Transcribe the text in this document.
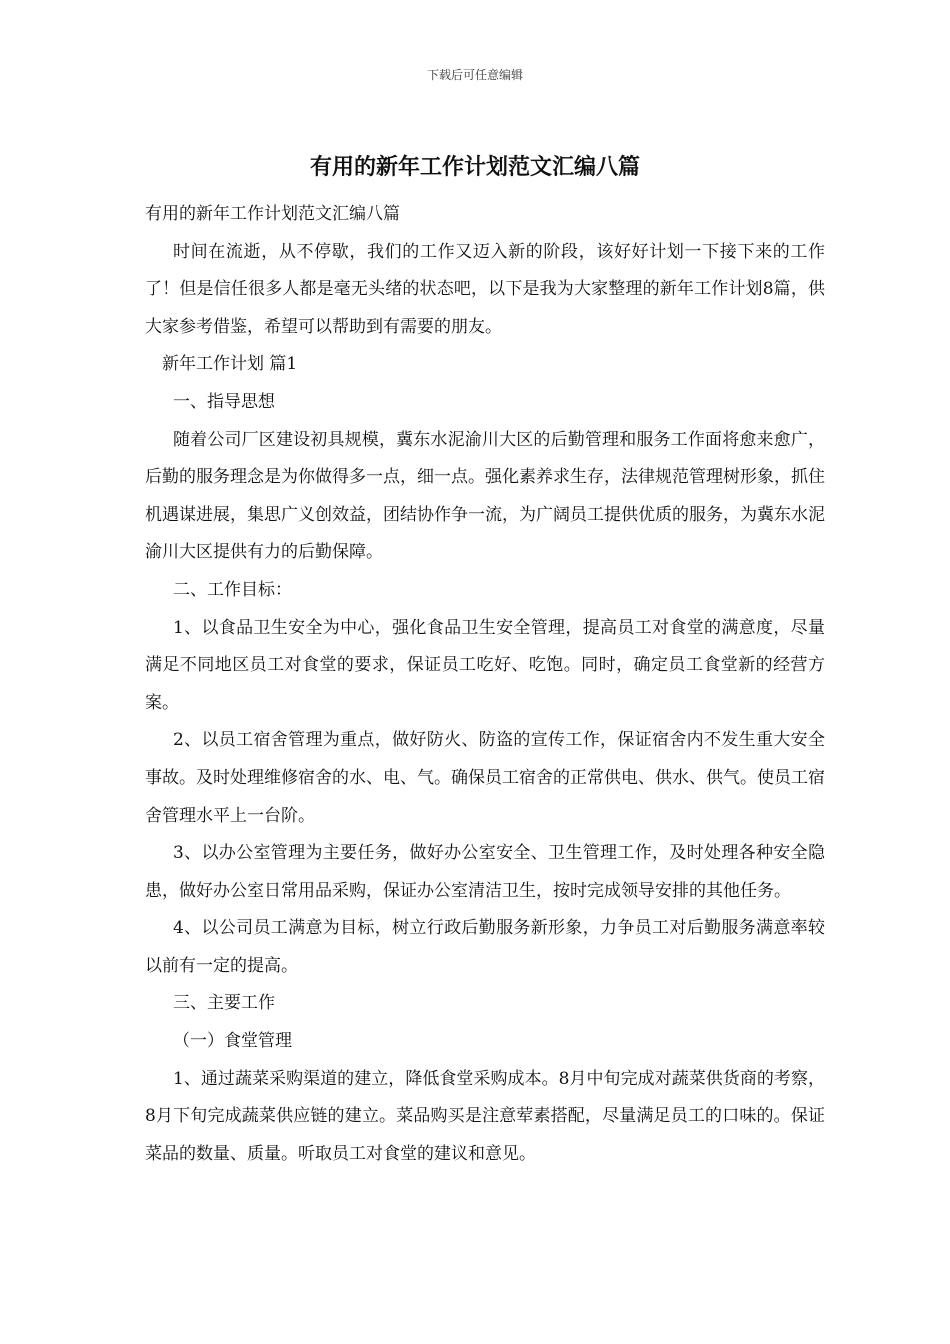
下载后可任意编辑
有用的新年工作计划范文汇编八篇

有用的新年工作计划范文汇编八篇

时间在流逝，从不停歇，我们的工作又迈入新的阶段，该好好计划一下接下来的工作了！但是信任很多人都是毫无头绪的状态吧，以下是我为大家整理的新年工作计划8篇，供大家参考借鉴，希望可以帮助到有需要的朋友。

新年工作计划 篇1

一、指导思想

随着公司厂区建设初具规模，冀东水泥渝川大区的后勤管理和服务工作面将愈来愈广，后勤的服务理念是为你做得多一点，细一点。强化素养求生存，法律规范管理树形象，抓住机遇谋进展，集思广义创效益，团结协作争一流，为广阔员工提供优质的服务，为冀东水泥渝川大区提供有力的后勤保障。

二、工作目标：

1、以食品卫生安全为中心，强化食品卫生安全管理，提高员工对食堂的满意度，尽量满足不同地区员工对食堂的要求，保证员工吃好、吃饱。同时，确定员工食堂新的经营方案。

2、以员工宿舍管理为重点，做好防火、防盗的宣传工作，保证宿舍内不发生重大安全事故。及时处理维修宿舍的水、电、气。确保员工宿舍的正常供电、供水、供气。使员工宿舍管理水平上一台阶。

3、以办公室管理为主要任务，做好办公室安全、卫生管理工作，及时处理各种安全隐患，做好办公室日常用品采购，保证办公室清洁卫生，按时完成领导安排的其他任务。

4、以公司员工满意为目标，树立行政后勤服务新形象，力争员工对后勤服务满意率较以前有一定的提高。

三、主要工作

（一）食堂管理

1、通过蔬菜采购渠道的建立，降低食堂采购成本。8月中旬完成对蔬菜供货商的考察，8月下旬完成蔬菜供应链的建立。菜品购买是注意荤素搭配，尽量满足员工的口味的。保证菜品的数量、质量。听取员工对食堂的建议和意见。
